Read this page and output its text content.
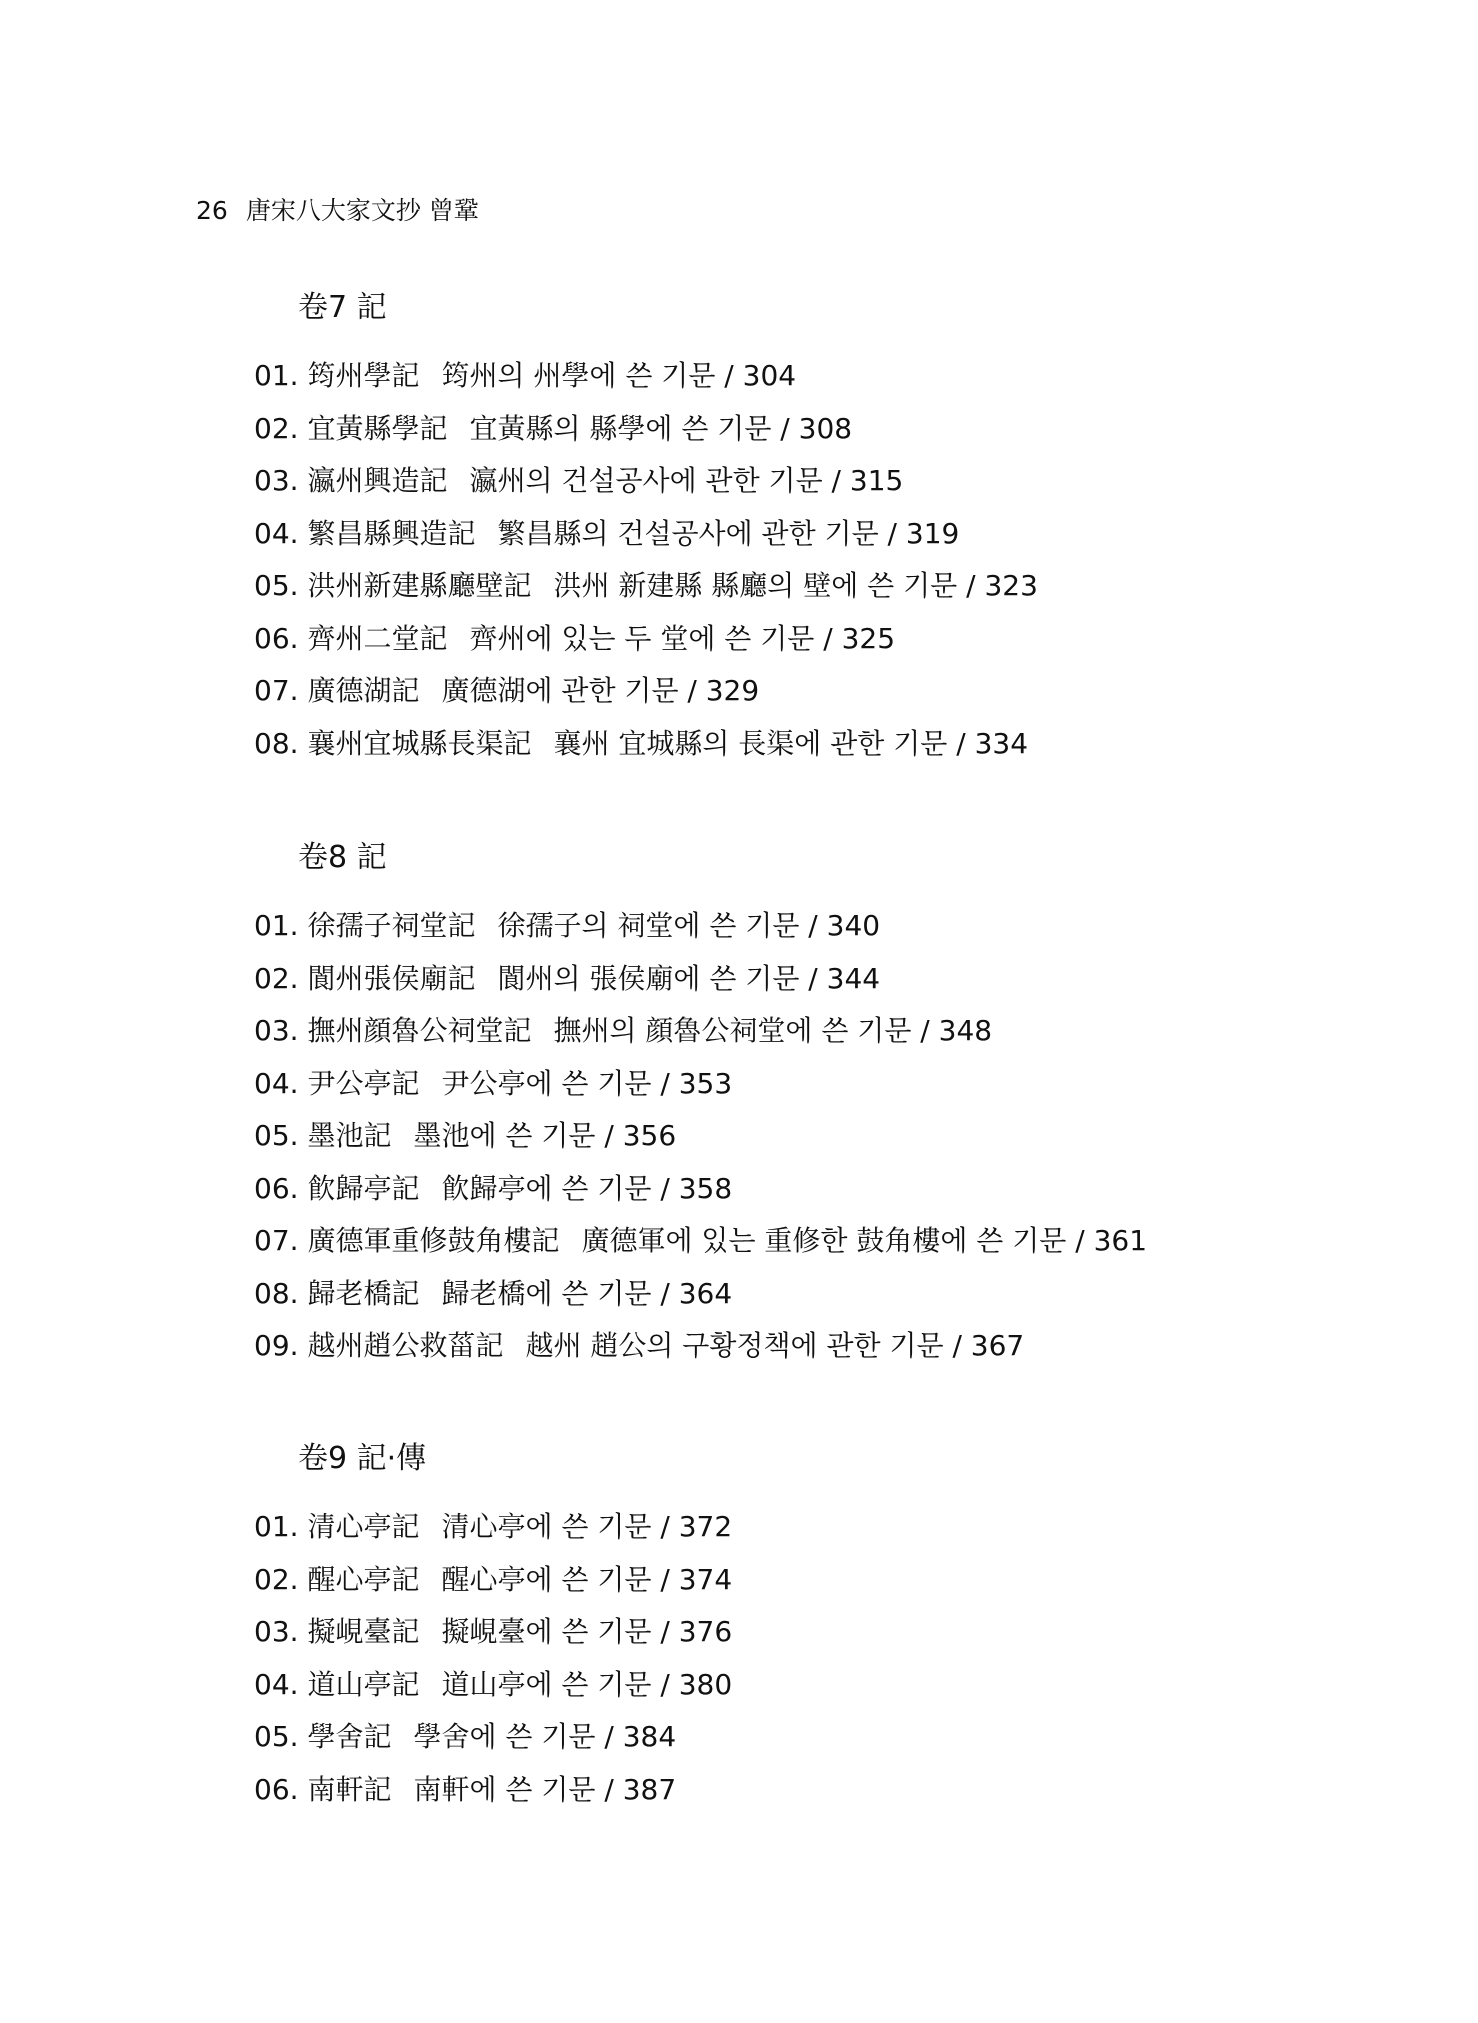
26 唐宋八大家文抄 曾鞏
卷7 記
01. 筠州學記 筠州의 州學에 쓴 기문 / 304
02. 宜黃縣學記 宜黃縣의 縣學에 쓴 기문 / 308
03. 瀛州興造記 瀛州의 건설공사에 관한 기문 / 315
04. 繁昌縣興造記 繁昌縣의 건설공사에 관한 기문 / 319
05. 洪州新建縣廳壁記 洪州 新建縣 縣廳의 壁에 쓴 기문 / 323
06. 齊州二堂記 齊州에 있는 두 堂에 쓴 기문 / 325
07. 廣德湖記 廣德湖에 관한 기문 / 329
08. 襄州宜城縣長渠記 襄州 宜城縣의 長渠에 관한 기문 / 334
卷8 記
01. 徐孺子祠堂記 徐孺子의 祠堂에 쓴 기문 / 340
02. 閬州張侯廟記 閬州의 張侯廟에 쓴 기문 / 344
03. 撫州顔魯公祠堂記 撫州의 顔魯公祠堂에 쓴 기문 / 348
04. 尹公亭記 尹公亭에 쓴 기문 / 353
05. 墨池記 墨池에 쓴 기문 / 356
06. 飮歸亭記 飮歸亭에 쓴 기문 / 358
07. 廣德軍重修鼓角樓記 廣德軍에 있는 重修한 鼓角樓에 쓴 기문 / 361
08. 歸老橋記 歸老橋에 쓴 기문 / 364
09. 越州趙公救菑記 越州 趙公의 구황정책에 관한 기문 / 367
卷9 記·傳
01. 清心亭記 清心亭에 쓴 기문 / 372
02. 醒心亭記 醒心亭에 쓴 기문 / 374
03. 擬峴臺記 擬峴臺에 쓴 기문 / 376
04. 道山亭記 道山亭에 쓴 기문 / 380
05. 學舍記 學舍에 쓴 기문 / 384
06. 南軒記 南軒에 쓴 기문 / 387
